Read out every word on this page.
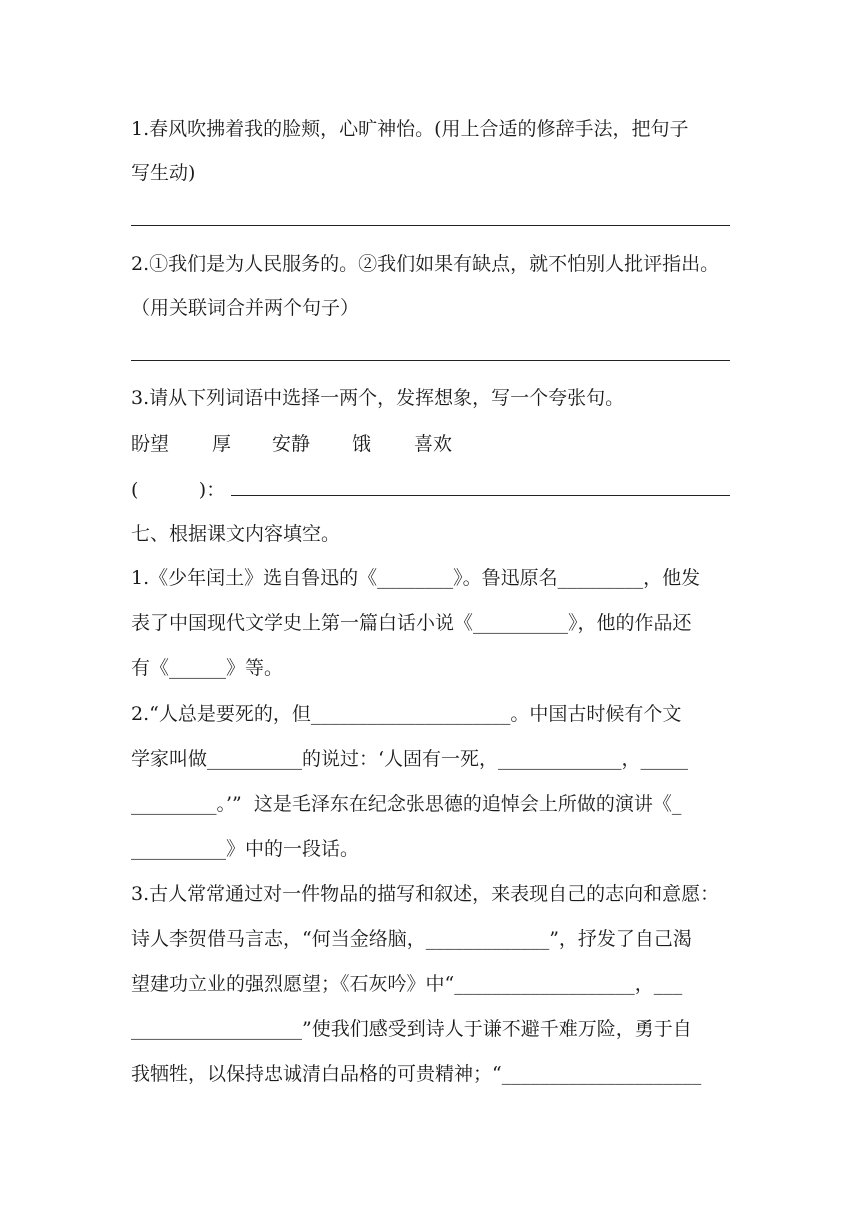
1.春风吹拂着我的脸颊，心旷神怡。(用上合适的修辞手法，把句子
写生动)
2.①我们是为人民服务的。②我们如果有缺点，就不怕别人批评指出。
（用关联词合并两个句子）
3.请从下列词语中选择一两个，发挥想象，写一个夸张句。
盼望 厚 安静 饿 喜欢
(          )：
七、根据课文内容填空。
1.《少年闰土》选自鲁迅的《________》。鲁迅原名_________，他发
表了中国现代文学史上第一篇白话小说《__________》，他的作品还
有《______》等。
2.“人总是要死的，但_____________________。中国古时候有个文
学家叫做__________的说过：‘人固有一死，_____________，_____
_________。’”  这是毛泽东在纪念张思德的追悼会上所做的演讲《_
__________》中的一段话。
3.古人常常通过对一件物品的描写和叙述，来表现自己的志向和意愿：
诗人李贺借马言志，“何当金络脑，_____________”，抒发了自己渴
望建功立业的强烈愿望；《石灰吟》中“___________________，___
__________________”使我们感受到诗人于谦不避千难万险，勇于自
我牺牲，以保持忠诚清白品格的可贵精神；“_____________________
